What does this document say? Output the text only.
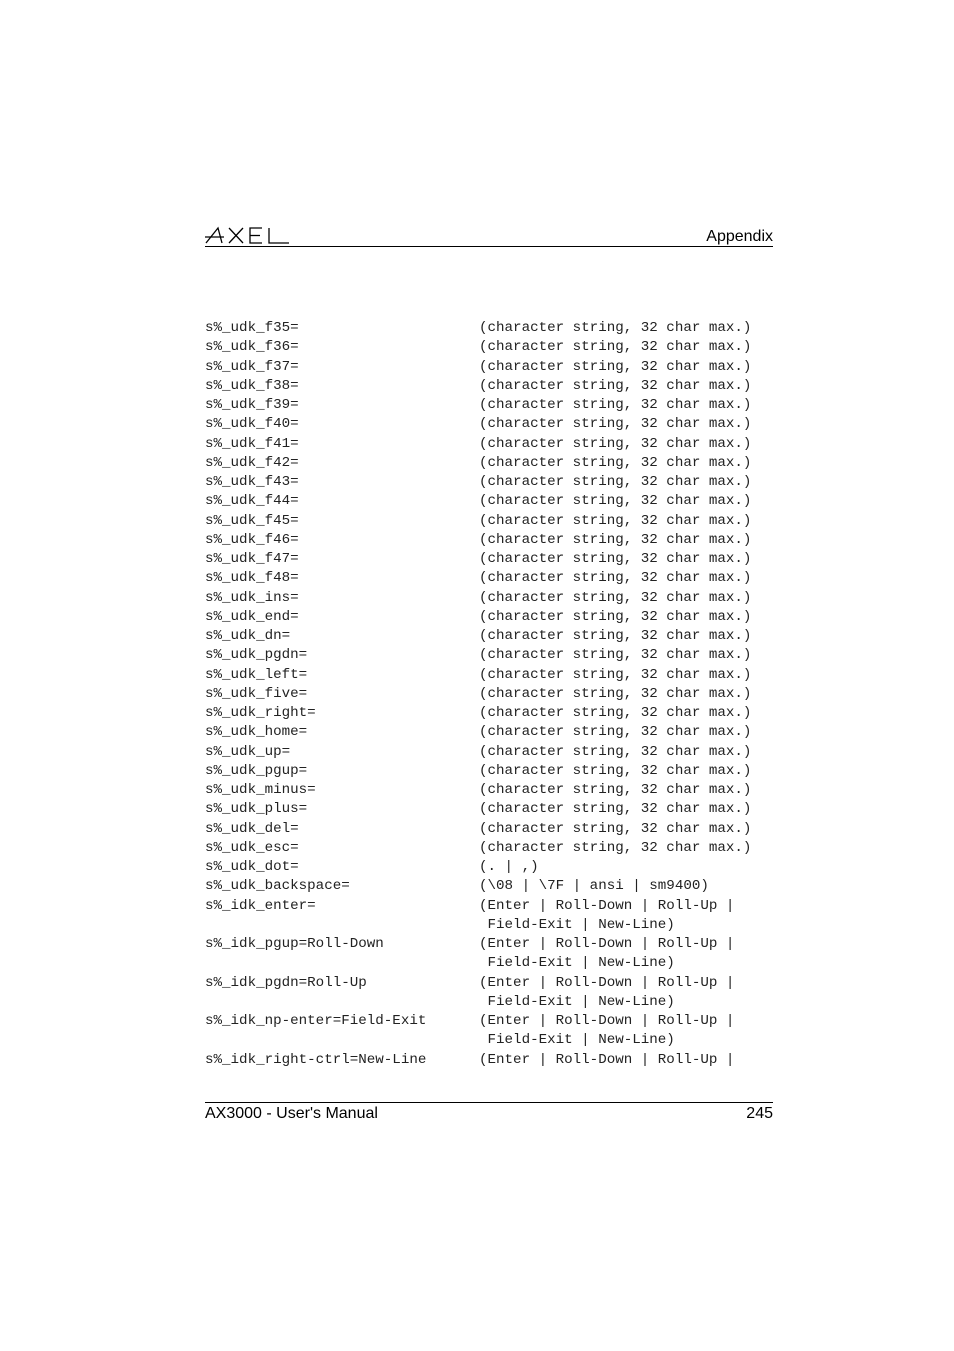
Appendix
s%_udk_f35=	(character string, 32 char max.)
s%_udk_f36=	(character string, 32 char max.)
s%_udk_f37=	(character string, 32 char max.)
s%_udk_f38=	(character string, 32 char max.)
s%_udk_f39=	(character string, 32 char max.)
s%_udk_f40=	(character string, 32 char max.)
s%_udk_f41=	(character string, 32 char max.)
s%_udk_f42=	(character string, 32 char max.)
s%_udk_f43=	(character string, 32 char max.)
s%_udk_f44=	(character string, 32 char max.)
s%_udk_f45=	(character string, 32 char max.)
s%_udk_f46=	(character string, 32 char max.)
s%_udk_f47=	(character string, 32 char max.)
s%_udk_f48=	(character string, 32 char max.)
s%_udk_ins=	(character string, 32 char max.)
s%_udk_end=	(character string, 32 char max.)
s%_udk_dn=	(character string, 32 char max.)
s%_udk_pgdn=	(character string, 32 char max.)
s%_udk_left=	(character string, 32 char max.)
s%_udk_five=	(character string, 32 char max.)
s%_udk_right=	(character string, 32 char max.)
s%_udk_home=	(character string, 32 char max.)
s%_udk_up=	(character string, 32 char max.)
s%_udk_pgup=	(character string, 32 char max.)
s%_udk_minus=	(character string, 32 char max.)
s%_udk_plus=	(character string, 32 char max.)
s%_udk_del=	(character string, 32 char max.)
s%_udk_esc=	(character string, 32 char max.)
s%_udk_dot=	(. | ,)
s%_udk_backspace=	(\08 | \7F | ansi | sm9400)
s%_idk_enter=	(Enter | Roll-Down | Roll-Up |
Field-Exit | New-Line)
s%_idk_pgup=Roll-Down	(Enter | Roll-Down | Roll-Up |
Field-Exit | New-Line)
s%_idk_pgdn=Roll-Up	(Enter | Roll-Down | Roll-Up |
Field-Exit | New-Line)
s%_idk_np-enter=Field-Exit	(Enter | Roll-Down | Roll-Up |
Field-Exit | New-Line)
s%_idk_right-ctrl=New-Line	(Enter | Roll-Down | Roll-Up |
AX3000 - User's Manual	245
